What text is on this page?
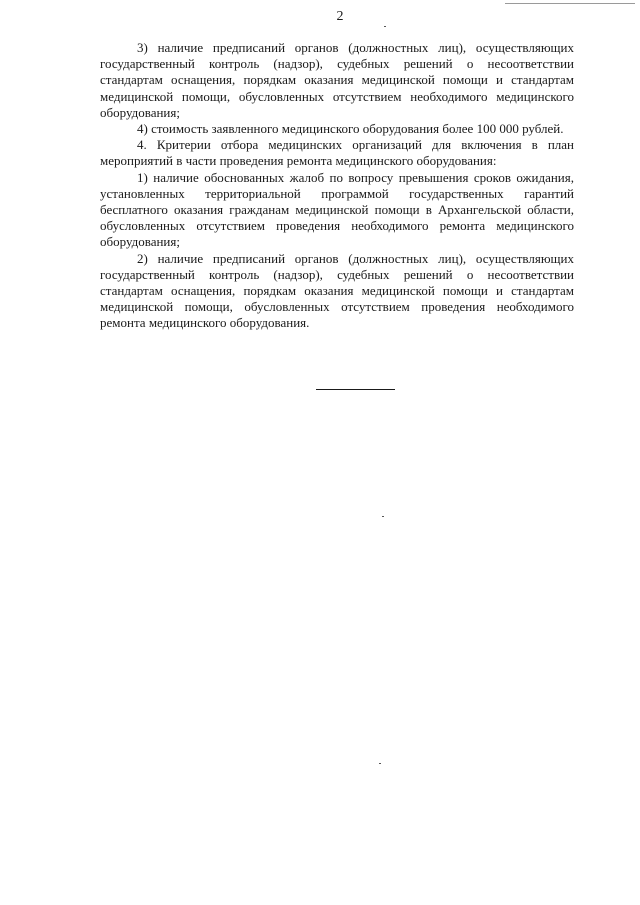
2

3) наличие предписаний органов (должностных лиц), осуществляющих государственный контроль (надзор), судебных решений о несоответствии стандартам оснащения, порядкам оказания медицинской помощи и стандартам медицинской помощи, обусловленных отсутствием необходимого медицинского оборудования;

4) стоимость заявленного медицинского оборудования более 100 000 рублей.

4. Критерии отбора медицинских организаций для включения в план мероприятий в части проведения ремонта медицинского оборудования:

1) наличие обоснованных жалоб по вопросу превышения сроков ожидания, установленных территориальной программой государственных гарантий бесплатного оказания гражданам медицинской помощи в Архангельской области, обусловленных отсутствием проведения необходимого ремонта медицинского оборудования;

2) наличие предписаний органов (должностных лиц), осуществляющих государственный контроль (надзор), судебных решений о несоответствии стандартам оснащения, порядкам оказания медицинской помощи и стандартам медицинской помощи, обусловленных отсутствием проведения необходимого ремонта медицинского оборудования.
